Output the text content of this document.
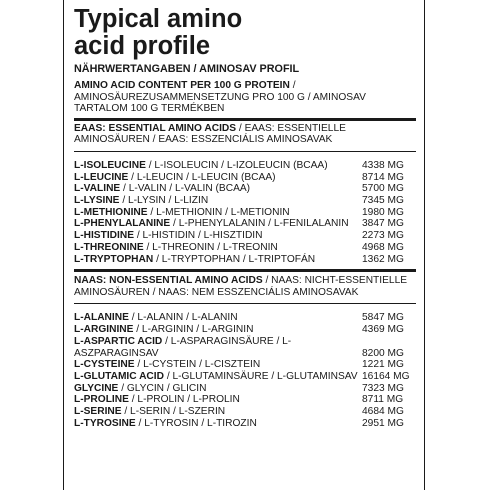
Typical amino
acid profile
NÄHRWERTANGABEN / AMINOSAV PROFIL
AMINO ACID CONTENT PER 100 G PROTEIN / AMINOSÄUREZUSAMMENSETZUNG PRO 100 G / AMINOSAV TARTALOM 100 G TERMÉKBEN
EAAS: ESSENTIAL AMINO ACIDS / EAAS: ESSENTIELLE AMINOSÄUREN / EAAS: ESSZENCIÁLIS AMINOSAVAK
L-ISOLEUCINE / L-ISOLEUCIN / L-IZOLEUCIN (BCAA)	4338 MG
L-LEUCINE / L-LEUCIN / L-LEUCIN (BCAA)	8714 MG
L-VALINE / L-VALIN / L-VALIN (BCAA)	5700 MG
L-LYSINE / L-LYSIN / L-LIZIN	7345 MG
L-METHIONINE / L-METHIONIN / L-METIONIN	1980 MG
L-PHENYLALANINE / L-PHENYLALANIN / L-FENILALANIN	3847 MG
L-HISTIDINE / L-HISTIDIN / L-HISZTIDIN	2273 MG
L-THREONINE / L-THREONIN / L-TREONIN	4968 MG
L-TRYPTOPHAN / L-TRYPTOPHAN / L-TRIPTOFÁN	1362 MG
NAAS: NON-ESSENTIAL AMINO ACIDS / NAAS: NICHT-ESSENTIELLE AMINOSÄUREN / NAAS: NEM ESSZENCIÁLIS AMINOSAVAK
L-ALANINE / L-ALANIN / L-ALANIN	5847 MG
L-ARGININE / L-ARGININ / L-ARGININ	4369 MG
L-ASPARTIC ACID / L-ASPARAGINSÄURE / L-ASZPARAGINSAV	8200 MG
L-CYSTEINE / L-CYSTEIN / L-CISZTEIN	1221 MG
L-GLUTAMIC ACID / L-GLUTAMINSÄURE / L-GLUTAMINSAV 16164 MG
GLYCINE / GLYCIN / GLICIN	7323 MG
L-PROLINE / L-PROLIN / L-PROLIN	8711 MG
L-SERINE / L-SERIN / L-SZERIN	4684 MG
L-TYROSINE / L-TYROSIN / L-TIROZIN	2951 MG
